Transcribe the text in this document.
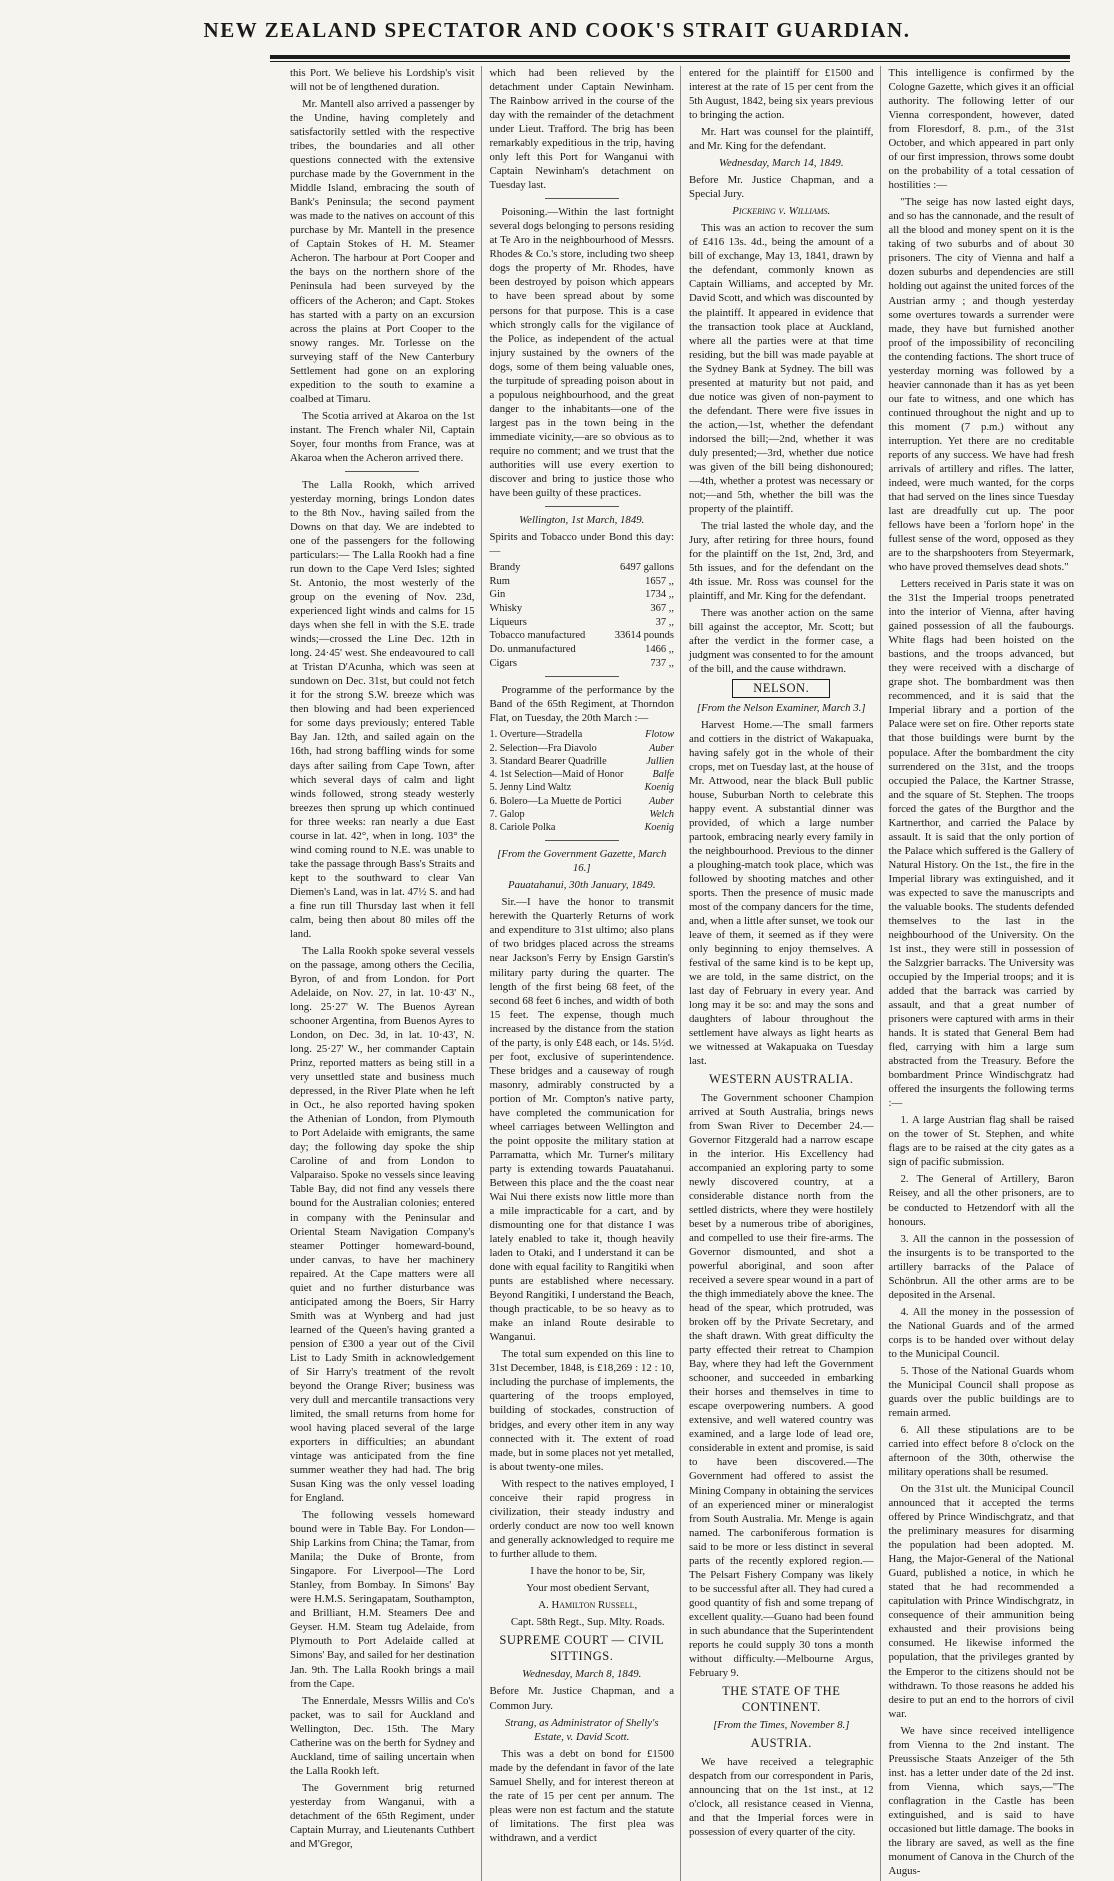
NEW ZEALAND SPECTATOR AND COOK'S STRAIT GUARDIAN.

this Port. We believe his Lordship's visit will not be of lengthened duration.

Mr. Mantell also arrived a passenger by the Undine, having completely and satisfactorily settled with the respective tribes, the boundaries and all other questions connected with the extensive purchase made by the Government in the Middle Island, embracing the south of Bank's Peninsula; the second payment was made to the natives on account of this purchase by Mr. Mantell in the presence of Captain Stokes of H. M. Steamer Acheron. The harbour at Port Cooper and the bays on the northern shore of the Peninsula had been surveyed by the officers of the Acheron; and Capt. Stokes has started with a party on an excursion across the plains at Port Cooper to the snowy ranges. Mr. Torlesse on the surveying staff of the New Canterbury Settlement had gone on an exploring expedition to the south to examine a coalbed at Timaru.

The Scotia arrived at Akaroa on the 1st instant. The French whaler Nil, Captain Soyer, four months from France, was at Akaroa when the Acheron arrived there.

The Lalla Rookh, which arrived yesterday morning, brings London dates to the 8th Nov., having sailed from the Downs on that day. We are indebted to one of the passengers for the following particulars:— The Lalla Rookh had a fine run down to the Cape Verd Isles; sighted St. Antonio, the most westerly of the group on the evening of Nov. 23d, experienced light winds and calms for 15 days when she fell in with the S.E. trade winds;—crossed the Line Dec. 12th in long. 24·45' west. She endeavoured to call at Tristan D'Acunha, which was seen at sundown on Dec. 31st, but could not fetch it for the strong S.W. breeze which was then blowing and had been experienced for some days previously; entered Table Bay Jan. 12th, and sailed again on the 16th, had strong baffling winds for some days after sailing from Cape Town, after which several days of calm and light winds followed, strong steady westerly breezes then sprung up which continued for three weeks: ran nearly a due East course in lat. 42°, when in long. 103° the wind coming round to N.E. was unable to take the passage through Bass's Straits and kept to the southward to clear Van Diemen's Land, was in lat. 47½ S. and had a fine run till Thursday last when it fell calm, being then about 80 miles off the land.

The Lalla Rookh spoke several vessels on the passage, among others the Cecilia, Byron, of and from London. for Port Adelaide, on Nov. 27, in lat. 10·43' N., long. 25·27' W. The Buenos Ayrean schooner Argentina, from Buenos Ayres to London, on Dec. 3d, in lat. 10·43', N. long. 25·27' W., her commander Captain Prinz, reported matters as being still in a very unsettled state and business much depressed, in the River Plate when he left in Oct., he also reported having spoken the Athenian of London, from Plymouth to Port Adelaide with emigrants, the same day; the following day spoke the ship Caroline of and from London to Valparaiso. Spoke no vessels since leaving Table Bay, did not find any vessels there bound for the Australian colonies; entered in company with the Peninsular and Oriental Steam Navigation Company's steamer Pottinger homeward-bound, under canvas, to have her machinery repaired. At the Cape matters were all quiet and no further disturbance was anticipated among the Boers, Sir Harry Smith was at Wynberg and had just learned of the Queen's having granted a pension of £300 a year out of the Civil List to Lady Smith in acknowledgement of Sir Harry's treatment of the revolt beyond the Orange River; business was very dull and mercantile transactions very limited, the small returns from home for wool having placed several of the large exporters in difficulties; an abundant vintage was anticipated from the fine summer weather they had had. The brig Susan King was the only vessel loading for England.

The following vessels homeward bound were in Table Bay. For London—Ship Larkins from China; the Tamar, from Manila; the Duke of Bronte, from Singapore. For Liverpool—The Lord Stanley, from Bombay. In Simons' Bay were H.M.S. Seringapatam, Southampton, and Brilliant, H.M. Steamers Dee and Geyser. H.M. Steam tug Adelaide, from Plymouth to Port Adelaide called at Simons' Bay, and sailed for her destination Jan. 9th. The Lalla Rookh brings a mail from the Cape.

The Ennerdale, Messrs Willis and Co's packet, was to sail for Auckland and Wellington, Dec. 15th. The Mary Catherine was on the berth for Sydney and Auckland, time of sailing uncertain when the Lalla Rookh left.

The Government brig returned yesterday from Wanganui, with a detachment of the 65th Regiment, under Captain Murray, and Lieutenants Cuthbert and M'Gregor,

which had been relieved by the detachment under Captain Newinham. The Rainbow arrived in the course of the day with the remainder of the detachment under Lieut. Trafford. The brig has been remarkably expeditious in the trip, having only left this Port for Wanganui with Captain Newinham's detachment on Tuesday last.

Poisoning.—Within the last fortnight several dogs belonging to persons residing at Te Aro in the neighbourhood of Messrs. Rhodes & Co.'s store, including two sheep dogs the property of Mr. Rhodes, have been destroyed by poison which appears to have been spread about by some persons for that purpose. This is a case which strongly calls for the vigilance of the Police, as independent of the actual injury sustained by the owners of the dogs, some of them being valuable ones, the turpitude of spreading poison about in a populous neighbourhood, and the great danger to the inhabitants—one of the largest pas in the town being in the immediate vicinity,—are so obvious as to require no comment; and we trust that the authorities will use every exertion to discover and bring to justice those who have been guilty of these practices.

Wellington, 1st March, 1849.

Spirits and Tobacco under Bond this day:—

Brandy	6497 gallons
Rum	1657 ,,
Gin	1734 ,,
Whisky	367 ,,
Liqueurs	37 ,,
Tobacco manufactured	33614 pounds
Do. unmanufactured	1466 ,,
Cigars	737 ,,

Programme of the performance by the Band of the 65th Regiment, at Thorndon Flat, on Tuesday, the 20th March :—

1. Overture—Stradella	Flotow
2. Selection—Fra Diavolo	Auber
3. Standard Bearer Quadrille	Jullien
4. 1st Selection—Maid of Honor	Balfe
5. Jenny Lind Waltz	Koenig
6. Bolero—La Muette de Portici	Auber
7. Galop	Welch
8. Cariole Polka	Koenig

[From the Government Gazette, March 16.]

Pauatahanui, 30th January, 1849.

Sir.—I have the honor to transmit herewith the Quarterly Returns of work and expenditure to 31st ultimo; also plans of two bridges placed across the streams near Jackson's Ferry by Ensign Garstin's military party during the quarter. The length of the first being 68 feet, of the second 68 feet 6 inches, and width of both 15 feet. The expense, though much increased by the distance from the station of the party, is only £48 each, or 14s. 5½d. per foot, exclusive of superintendence. These bridges and a causeway of rough masonry, admirably constructed by a portion of Mr. Compton's native party, have completed the communication for wheel carriages between Wellington and the point opposite the military station at Parramatta, which Mr. Turner's military party is extending towards Pauatahanui. Between this place and the the coast near Wai Nui there exists now little more than a mile impracticable for a cart, and by dismounting one for that distance I was lately enabled to take it, though heavily laden to Otaki, and I understand it can be done with equal facility to Rangitiki when punts are established where necessary. Beyond Rangitiki, I understand the Beach, though practicable, to be so heavy as to make an inland Route desirable to Wanganui.

The total sum expended on this line to 31st December, 1848, is £18,269 : 12 : 10, including the purchase of implements, the quartering of the troops employed, building of stockades, construction of bridges, and every other item in any way connected with it. The extent of road made, but in some places not yet metalled, is about twenty-one miles.

With respect to the natives employed, I conceive their rapid progress in civilization, their steady industry and orderly conduct are now too well known and generally acknowledged to require me to further allude to them.

I have the honor to be, Sir,

Your most obedient Servant,

A. Hamilton Russell,

Capt. 58th Regt., Sup. Mlty. Roads.

SUPREME COURT — CIVIL SITTINGS.

Wednesday, March 8, 1849.

Before Mr. Justice Chapman, and a Common Jury.

Strang, as Administrator of Shelly's Estate, v. David Scott.

This was a debt on bond for £1500 made by the defendant in favor of the late Samuel Shelly, and for interest thereon at the rate of 15 per cent per annum. The pleas were non est factum and the statute of limitations. The first plea was withdrawn, and a verdict

entered for the plaintiff for £1500 and interest at the rate of 15 per cent from the 5th August, 1842, being six years previous to bringing the action.

Mr. Hart was counsel for the plaintiff, and Mr. King for the defendant.

Wednesday, March 14, 1849.

Before Mr. Justice Chapman, and a Special Jury.

Pickering v. Williams.

This was an action to recover the sum of £416 13s. 4d., being the amount of a bill of exchange, May 13, 1841, drawn by the defendant, commonly known as Captain Williams, and accepted by Mr. David Scott, and which was discounted by the plaintiff. It appeared in evidence that the transaction took place at Auckland, where all the parties were at that time residing, but the bill was made payable at the Sydney Bank at Sydney. The bill was presented at maturity but not paid, and due notice was given of non-payment to the defendant. There were five issues in the action,—1st, whether the defendant indorsed the bill;—2nd, whether it was duly presented;—3rd, whether due notice was given of the bill being dishonoured;—4th, whether a protest was necessary or not;—and 5th, whether the bill was the property of the plaintiff.

The trial lasted the whole day, and the Jury, after retiring for three hours, found for the plaintiff on the 1st, 2nd, 3rd, and 5th issues, and for the defendant on the 4th issue. Mr. Ross was counsel for the plaintiff, and Mr. King for the defendant.

There was another action on the same bill against the acceptor, Mr. Scott; but after the verdict in the former case, a judgment was consented to for the amount of the bill, and the cause withdrawn.

NELSON.

[From the Nelson Examiner, March 3.]

Harvest Home.—The small farmers and cottiers in the district of Wakapuaka, having safely got in the whole of their crops, met on Tuesday last, at the house of Mr. Attwood, near the black Bull public house, Suburban North to celebrate this happy event. A substantial dinner was provided, of which a large number partook, embracing nearly every family in the neighbourhood. Previous to the dinner a ploughing-match took place, which was followed by shooting matches and other sports. Then the presence of music made most of the company dancers for the time, and, when a little after sunset, we took our leave of them, it seemed as if they were only beginning to enjoy themselves. A festival of the same kind is to be kept up, we are told, in the same district, on the last day of February in every year. And long may it be so: and may the sons and daughters of labour throughout the settlement have always as light hearts as we witnessed at Wakapuaka on Tuesday last.

WESTERN AUSTRALIA.

The Government schooner Champion arrived at South Australia, brings news from Swan River to December 24.—Governor Fitzgerald had a narrow escape in the interior. His Excellency had accompanied an exploring party to some newly discovered country, at a considerable distance north from the settled districts, where they were hostilely beset by a numerous tribe of aborigines, and compelled to use their fire-arms. The Governor dismounted, and shot a powerful aboriginal, and soon after received a severe spear wound in a part of the thigh immediately above the knee. The head of the spear, which protruded, was broken off by the Private Secretary, and the shaft drawn. With great difficulty the party effected their retreat to Champion Bay, where they had left the Government schooner, and succeeded in embarking their horses and themselves in time to escape overpowering numbers. A good extensive, and well watered country was examined, and a large lode of lead ore, considerable in extent and promise, is said to have been discovered.—The Government had offered to assist the Mining Company in obtaining the services of an experienced miner or mineralogist from South Australia. Mr. Menge is again named. The carboniferous formation is said to be more or less distinct in several parts of the recently explored region.—The Pelsart Fishery Company was likely to be successful after all. They had cured a good quantity of fish and some trepang of excellent quality.—Guano had been found in such abundance that the Superintendent reports he could supply 30 tons a month without difficulty.—Melbourne Argus, February 9.

THE STATE OF THE CONTINENT.

[From the Times, November 8.]

AUSTRIA.

We have received a telegraphic despatch from our correspondent in Paris, announcing that on the 1st inst., at 12 o'clock, all resistance ceased in Vienna, and that the Imperial forces were in possession of every quarter of the city.

This intelligence is confirmed by the Cologne Gazette, which gives it an official authority. The following letter of our Vienna correspondent, however, dated from Floresdorf, 8. p.m., of the 31st October, and which appeared in part only of our first impression, throws some doubt on the probability of a total cessation of hostilities :—

"The seige has now lasted eight days, and so has the cannonade, and the result of all the blood and money spent on it is the taking of two suburbs and of about 30 prisoners. The city of Vienna and half a dozen suburbs and dependencies are still holding out against the united forces of the Austrian army ; and though yesterday some overtures towards a surrender were made, they have but furnished another proof of the impossibility of reconciling the contending factions. The short truce of yesterday morning was followed by a heavier cannonade than it has as yet been our fate to witness, and one which has continued throughout the night and up to this moment (7 p.m.) without any interruption. Yet there are no creditable reports of any success. We have had fresh arrivals of artillery and rifles. The latter, indeed, were much wanted, for the corps that had served on the lines since Tuesday last are dreadfully cut up. The poor fellows have been a 'forlorn hope' in the fullest sense of the word, opposed as they are to the sharpshooters from Steyermark, who have proved themselves dead shots."

Letters received in Paris state it was on the 31st the Imperial troops penetrated into the interior of Vienna, after having gained possession of all the faubourgs. White flags had been hoisted on the bastions, and the troops advanced, but they were received with a discharge of grape shot. The bombardment was then recommenced, and it is said that the Imperial library and a portion of the Palace were set on fire. Other reports state that those buildings were burnt by the populace. After the bombardment the city surrendered on the 31st, and the troops occupied the Palace, the Kartner Strasse, and the square of St. Stephen. The troops forced the gates of the Burgthor and the Kartnerthor, and carried the Palace by assault. It is said that the only portion of the Palace which suffered is the Gallery of Natural History. On the 1st., the fire in the Imperial library was extinguished, and it was expected to save the manuscripts and the valuable books. The students defended themselves to the last in the neighbourhood of the University. On the 1st inst., they were still in possession of the Salzgrier barracks. The University was occupied by the Imperial troops; and it is added that the barrack was carried by assault, and that a great number of prisoners were captured with arms in their hands. It is stated that General Bem had fled, carrying with him a large sum abstracted from the Treasury. Before the bombardment Prince Windischgratz had offered the insurgents the following terms :—

1. A large Austrian flag shall be raised on the tower of St. Stephen, and white flags are to be raised at the city gates as a sign of pacific submission.

2. The General of Artillery, Baron Reisey, and all the other prisoners, are to be conducted to Hetzendorf with all the honours.

3. All the cannon in the possession of the insurgents is to be transported to the artillery barracks of the Palace of Schönbrun. All the other arms are to be deposited in the Arsenal.

4. All the money in the possession of the National Guards and of the armed corps is to be handed over without delay to the Municipal Council.

5. Those of the National Guards whom the Municipal Council shall propose as guards over the public buildings are to remain armed.

6. All these stipulations are to be carried into effect before 8 o'clock on the afternoon of the 30th, otherwise the military operations shall be resumed.

On the 31st ult. the Municipal Council announced that it accepted the terms offered by Prince Windischgratz, and that the preliminary measures for disarming the population had been adopted. M. Hang, the Major-General of the National Guard, published a notice, in which he stated that he had recommended a capitulation with Prince Windischgratz, in consequence of their ammunition being exhausted and their provisions being consumed. He likewise informed the population, that the privileges granted by the Emperor to the citizens should not be withdrawn. To those reasons he added his desire to put an end to the horrors of civil war.

We have since received intelligence from Vienna to the 2nd instant. The Preussische Staats Anzeiger of the 5th inst. has a letter under date of the 2d inst. from Vienna, which says,—"The conflagration in the Castle has been extinguished, and is said to have occasioned but little damage. The books in the library are saved, as well as the fine monument of Canova in the Church of the Augus-
